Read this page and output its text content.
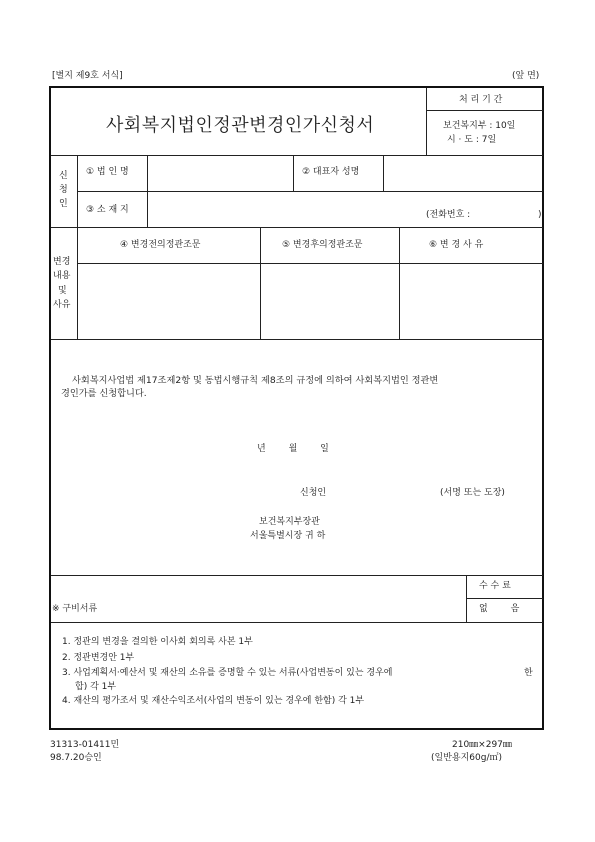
[별지 제9호 서식]	(앞 면)
사회복지법인정관변경인가신청서
처 리 기 간
보건복지부 : 10일
시 · 도 : 7일
신
청
인
① 법 인 명	② 대표자 성명
③ 소 재 지	(전화번호 :	)
변경
내용
및
사유
④ 변경전의정관조문	⑤ 변경후의정관조문	⑥ 변 경 사 유
사회복지사업법 제17조제2항 및 동법시행규칙 제8조의 규정에 의하여 사회복지법인 정관변
경인가를 신청합니다.
년        월        일
신청인	(서명 또는 도장)
보건복지부장관
서울특별시장 귀 하
수 수 료
없        음
※ 구비서류
1. 정관의 변경을 결의한 이사회 회의록 사본 1부
2. 정관변경안 1부
3. 사업계획서·예산서 및 재산의 소유를 증명할 수 있는 서류(사업변동이 있는 경우에	한
합) 각 1부
4. 재산의 평가조서 및 재산수익조서(사업의 변동이 있는 경우에 한함) 각 1부
31313-01411민
98.7.20승인
210㎜×297㎜
(일반용지60g/㎡)
